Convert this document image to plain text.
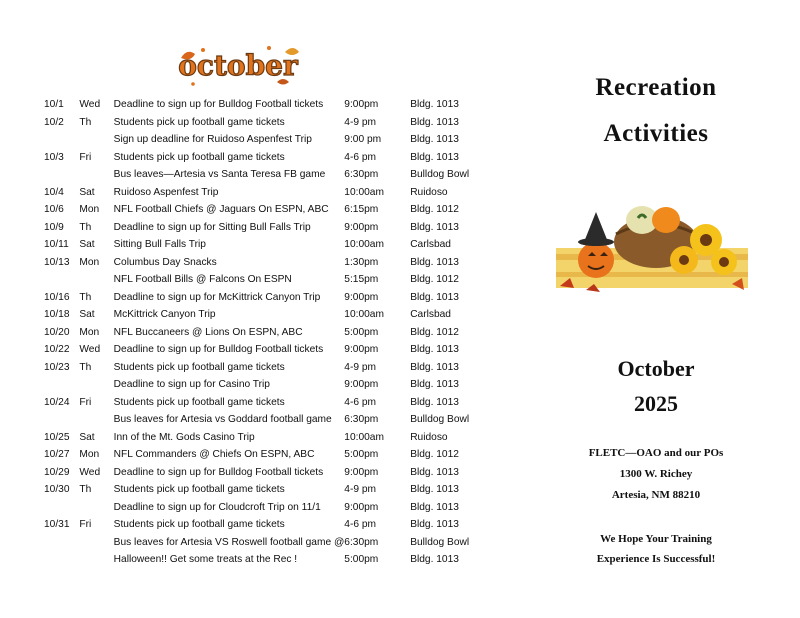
october
10/1	Wed	Deadline to sign up for Bulldog Football tickets	9:00pm	Bldg. 1013
10/2	Th	Students pick up football game tickets	4-9 pm	Bldg. 1013
		Sign up deadline for Ruidoso Aspenfest Trip	9:00 pm	Bldg. 1013
10/3	Fri	Students pick up football game tickets	4-6 pm	Bldg. 1013
		Bus leaves—Artesia vs Santa Teresa FB game	6:30pm	Bulldog Bowl
10/4	Sat	Ruidoso Aspenfest Trip	10:00am	Ruidoso
10/6	Mon	NFL Football Chiefs @ Jaguars On ESPN, ABC	6:15pm	Bldg. 1012
10/9	Th	Deadline to sign up for Sitting Bull Falls Trip	9:00pm	Bldg. 1013
10/11	Sat	Sitting Bull Falls Trip	10:00am	Carlsbad
10/13	Mon	Columbus Day Snacks	1:30pm	Bldg. 1013
		NFL Football Bills @ Falcons On ESPN	5:15pm	Bldg. 1012
10/16	Th	Deadline to sign up for McKittrick Canyon Trip	9:00pm	Bldg. 1013
10/18	Sat	McKittrick Canyon Trip	10:00am	Carlsbad
10/20	Mon	NFL Buccaneers @ Lions On ESPN, ABC	5:00pm	Bldg. 1012
10/22	Wed	Deadline to sign up for Bulldog Football tickets	9:00pm	Bldg. 1013
10/23	Th	Students pick up football game tickets	4-9 pm	Bldg. 1013
		Deadline to sign up for Casino Trip	9:00pm	Bldg. 1013
10/24	Fri	Students pick up football game tickets	4-6 pm	Bldg. 1013
		Bus leaves for Artesia vs Goddard football game	6:30pm	Bulldog Bowl
10/25	Sat	Inn of the Mt. Gods Casino Trip	10:00am	Ruidoso
10/27	Mon	NFL Commanders @ Chiefs On ESPN, ABC	5:00pm	Bldg. 1012
10/29	Wed	Deadline to sign up for Bulldog Football tickets	9:00pm	Bldg. 1013
10/30	Th	Students pick up football game tickets	4-9 pm	Bldg. 1013
		Deadline to sign up for Cloudcroft Trip on 11/1	9:00pm	Bldg. 1013
10/31	Fri	Students pick up football game tickets	4-6 pm	Bldg. 1013
		Bus leaves for Artesia VS Roswell football game @	6:30pm	Bulldog Bowl
		Halloween!! Get some treats at the Rec !	5:00pm	Bldg. 1013
Recreation
Activities
October
2025
FLETC—OAO and our POs
1300 W. Richey
Artesia, NM 88210
We Hope Your Training
Experience Is Successful!
